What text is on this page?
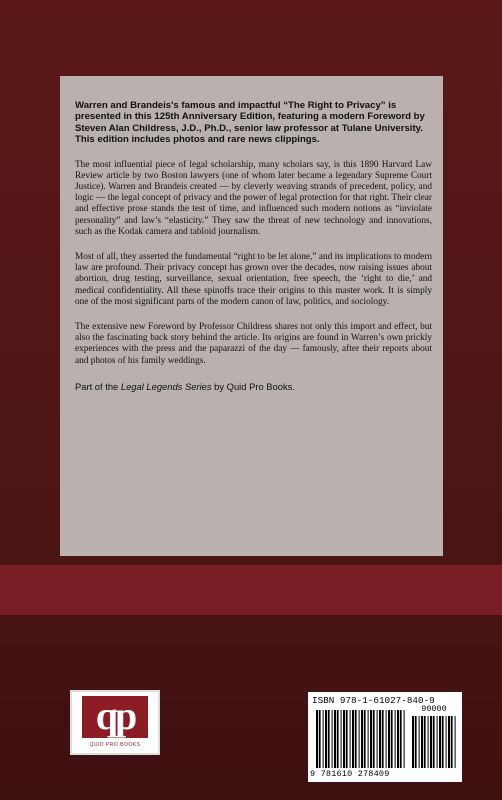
Warren and Brandeis's famous and impactful “The Right to Privacy” is presented in this 125th Anniversary Edition, featuring a modern Foreword by Steven Alan Childress, J.D., Ph.D., senior law professor at Tulane University. This edition includes photos and rare news clippings.

The most influential piece of legal scholarship, many scholars say, is this 1890 Harvard Law Review article by two Boston lawyers (one of whom later became a legendary Supreme Court Justice). Warren and Brandeis created — by cleverly weaving strands of precedent, policy, and logic — the legal concept of privacy and the power of legal protection for that right. Their clear and effective prose stands the test of time, and influenced such modern notions as “inviolate personality” and law’s “elasticity.” They saw the threat of new technology and innovations, such as the Kodak camera and tabloid journalism.

Most of all, they asserted the fundamental “right to be let alone,” and its implications to modern law are profound. Their privacy concept has grown over the decades, now raising issues about abortion, drug testing, surveillance, sexual orientation, free speech, the ‘right to die,’ and medical confidentiality. All these spinoffs trace their origins to this master work. It is simply one of the most significant parts of the modern canon of law, politics, and sociology.

The extensive new Foreword by Professor Childress shares not only this import and effect, but also the fascinating back story behind the article. Its origins are found in Warren’s own prickly experiences with the press and the paparazzi of the day — famously, after their reports about and photos of his family weddings.

Part of the Legal Legends Series by Quid Pro Books.

qp
QUID PRO BOOKS
ISBN 978-1-61027-840-9
90000
9 781610 278409
